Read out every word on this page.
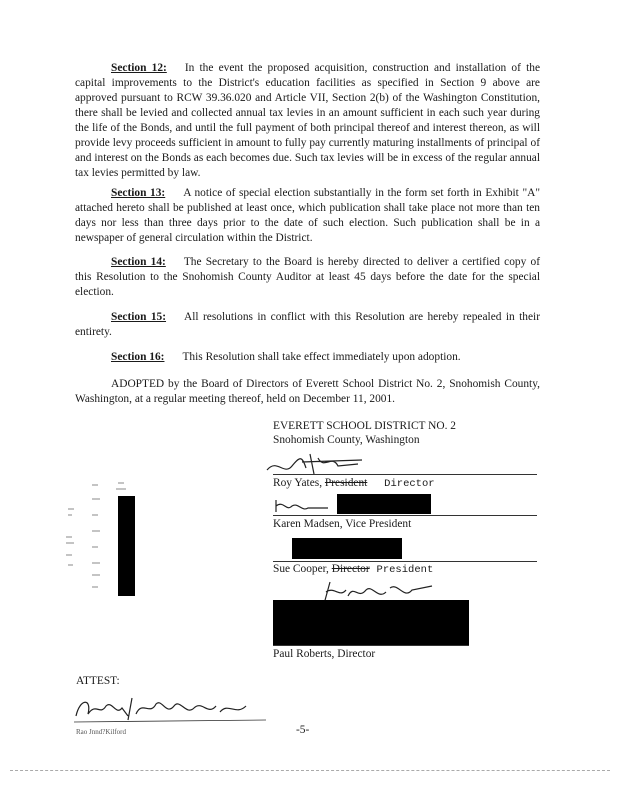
Section 12: In the event the proposed acquisition, construction and installation of the capital improvements to the District's education facilities as specified in Section 9 above are approved pursuant to RCW 39.36.020 and Article VII, Section 2(b) of the Washington Constitution, there shall be levied and collected annual tax levies in an amount sufficient in each such year during the life of the Bonds, and until the full payment of both principal thereof and interest thereon, as will provide levy proceeds sufficient in amount to fully pay currently maturing installments of principal of and interest on the Bonds as each becomes due. Such tax levies will be in excess of the regular annual tax levies permitted by law.

Section 13: A notice of special election substantially in the form set forth in Exhibit "A" attached hereto shall be published at least once, which publication shall take place not more than ten days nor less than three days prior to the date of such election. Such publication shall be in a newspaper of general circulation within the District.

Section 14: The Secretary to the Board is hereby directed to deliver a certified copy of this Resolution to the Snohomish County Auditor at least 45 days before the date for the special election.

Section 15: All resolutions in conflict with this Resolution are hereby repealed in their entirety.

Section 16: This Resolution shall take effect immediately upon adoption.

ADOPTED by the Board of Directors of Everett School District No. 2, Snohomish County, Washington, at a regular meeting thereof, held on December 11, 2001.

EVERETT SCHOOL DISTRICT NO. 2
Snohomish County, Washington
Roy Yates, President Director
Karen Madsen, Vice President
Sue Cooper, Director President
Paul Roberts, Director
ATTEST:
Rao Jnnd?Kilford	-5-
